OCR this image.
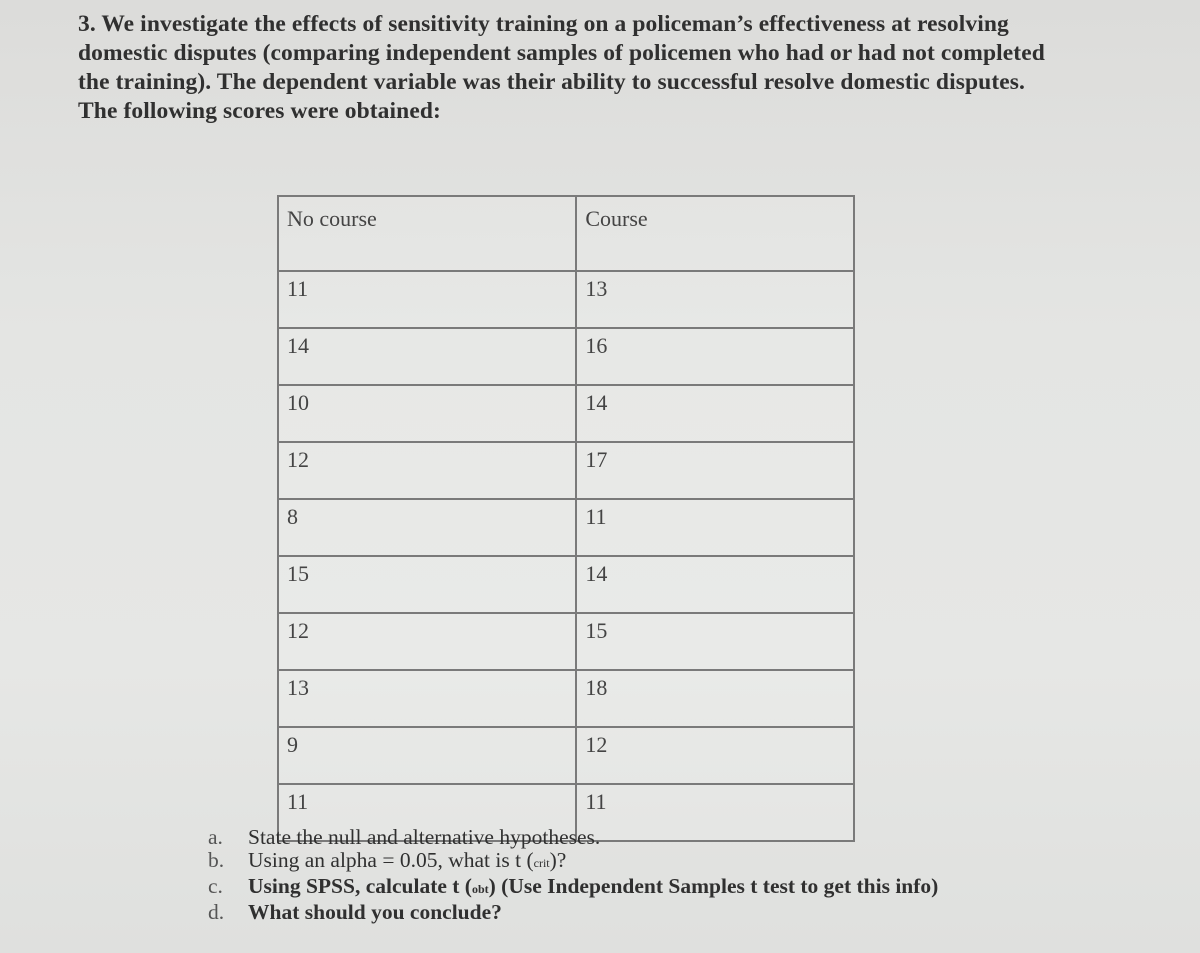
3. We investigate the effects of sensitivity training on a policeman’s effectiveness at resolving
domestic disputes (comparing independent samples of policemen who had or had not completed
the training). The dependent variable was their ability to successful resolve domestic disputes.
The following scores were obtained:
No course	Course
11	13
14	16
10	14
12	17
8	11
15	14
12	15
13	18
9	12
11	11
a.	State the null and alternative hypotheses.
b.	Using an alpha = 0.05, what is t (crit)?
c.	Using SPSS, calculate t (obt) (Use Independent Samples t test to get this info)
d.	What should you conclude?
